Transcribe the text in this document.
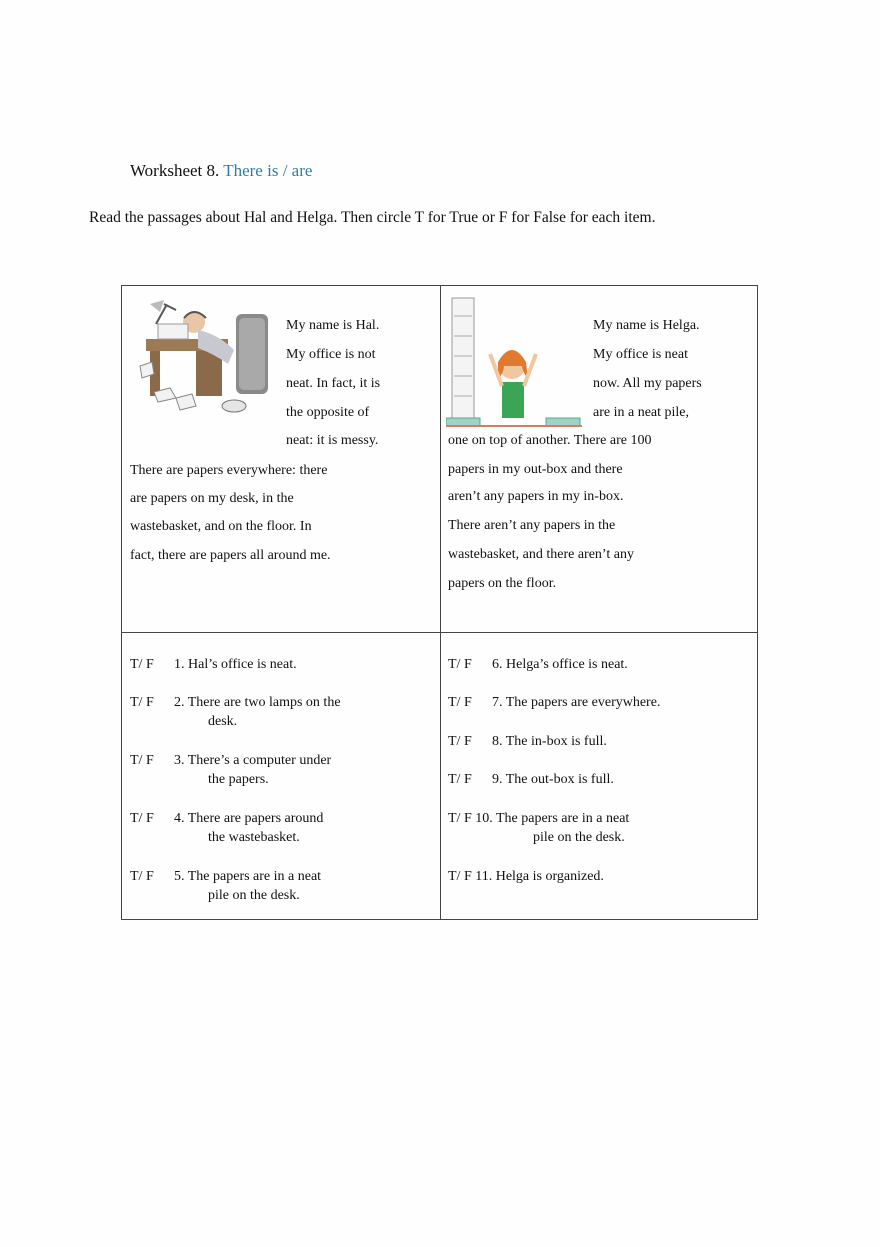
Worksheet 8. There is / are
Read the passages about Hal and Helga. Then circle T for True or F for False for each item.
My name is Hal.
My office is not
neat. In fact, it is
the opposite of
neat: it is messy.
There are papers everywhere: there
are papers on my desk, in the
wastebasket, and on the floor. In
fact, there are papers all around me.
My name is Helga.
My office is neat
now. All my papers
are in a neat pile,
one on top of another. There are 100
papers in my out-box and there
aren’t any papers in my in-box.
There aren’t any papers in the
wastebasket, and there aren’t any
papers on the floor.
T/ F 1. Hal’s office is neat.
T/ F 2. There are two lamps on the
desk.
T/ F 3. There’s a computer under
the papers.
T/ F 4. There are papers around
the wastebasket.
T/ F 5. The papers are in a neat
pile on the desk.
T/ F 6. Helga’s office is neat.
T/ F 7. The papers are everywhere.
T/ F 8. The in-box is full.
T/ F 9. The out-box is full.
T/ F 10. The papers are in a neat
pile on the desk.
T/ F 11. Helga is organized.
